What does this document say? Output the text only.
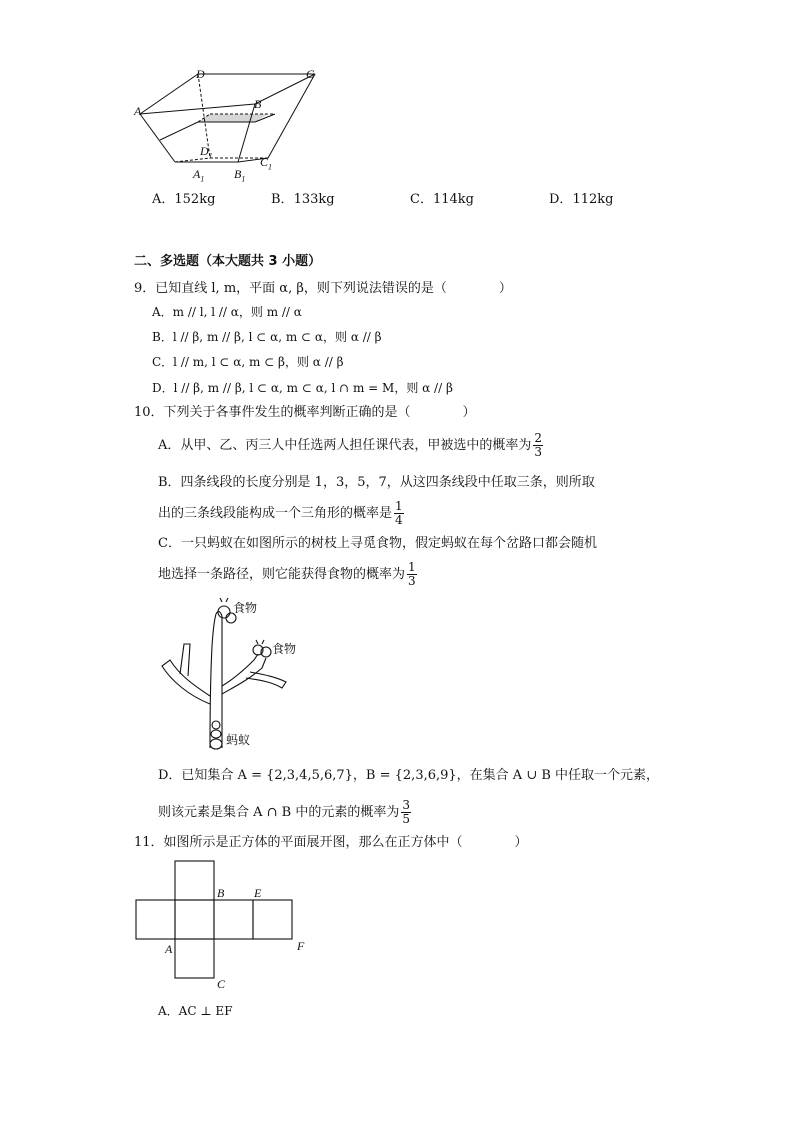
A
D	C
B
$D_1$	$C_1$
$A_1$ $B_1$
A．152kg	B．133kg	C．114kg	D．112kg
二、多选题（本大题共 3 小题）
9．已知直线 l, m，平面 α, β，则下列说法错误的是（　　　　）
A．m // l, l // α，则 m // α
B．l // β, m // β, l ⊂ α, m ⊂ α，则 α // β
C．l // m, l ⊂ α, m ⊂ β，则 α // β
D．l // β, m // β, l ⊂ α, m ⊂ α, l ∩ m = M，则 α // β
10．下列关于各事件发生的概率判断正确的是（　　　　）
A．从甲、乙、丙三人中任选两人担任课代表，甲被选中的概率为 $\frac{2}{3}$
B．四条线段的长度分别是 1，3，5，7，从这四条线段中任取三条，则所取
出的三条线段能构成一个三角形的概率是 $\frac{1}{4}$
C．一只蚂蚁在如图所示的树枝上寻觅食物，假定蚂蚁在每个岔路口都会随机
地选择一条路径，则它能获得食物的概率为 $\frac{1}{3}$
食物
食物
蚂蚁
D．已知集合 A = {2,3,4,5,6,7}，B = {2,3,6,9}，在集合 A ∪ B 中任取一个元素，
则该元素是集合 A ∩ B 中的元素的概率为 $\frac{3}{5}$
11．如图所示是正方体的平面展开图，那么在正方体中（　　　　）
B E
A	F
C
A．AC ⊥ EF
